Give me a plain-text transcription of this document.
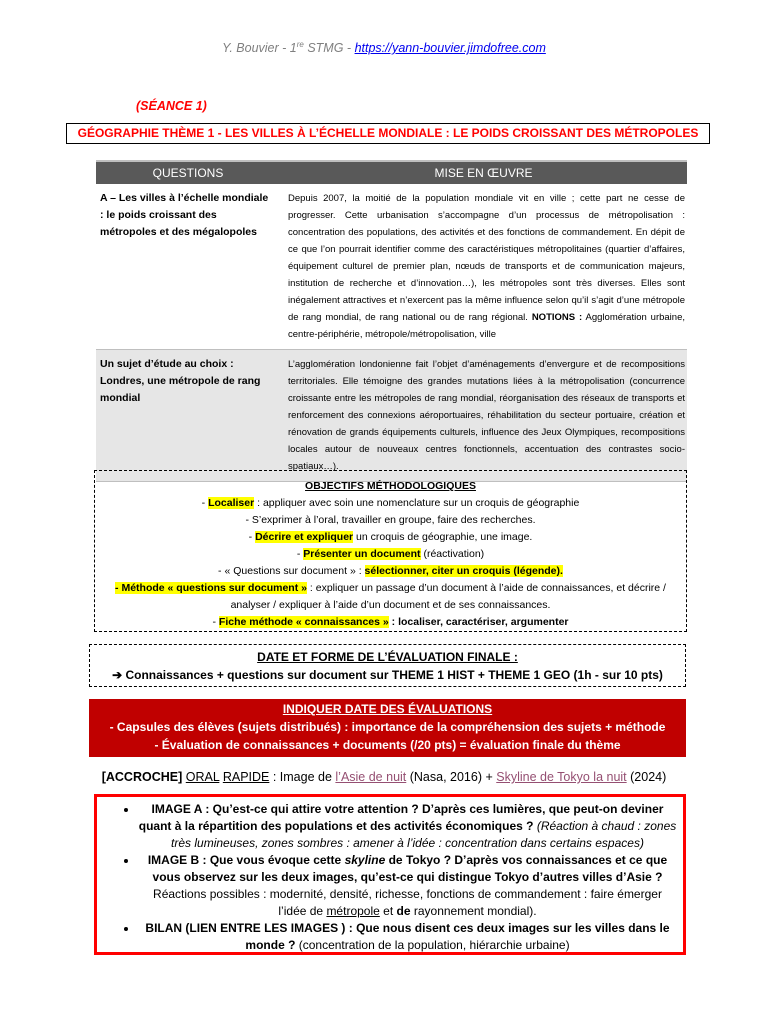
Y. Bouvier - 1re STMG - https://yann-bouvier.jimdofree.com
(SÉANCE 1)
GÉOGRAPHIE THÈME 1 - LES VILLES À L’ÉCHELLE MONDIALE : LE POIDS CROISSANT DES MÉTROPOLES
QUESTIONS	MISE EN ŒUVRE
A – Les villes à l’échelle mondiale : le poids croissant des métropoles et des mégalopoles	Depuis 2007, la moitié de la population mondiale vit en ville ; cette part ne cesse de progresser. Cette urbanisation s’accompagne d’un processus de métropolisation : concentration des populations, des activités et des fonctions de commandement. En dépit de ce que l’on pourrait identifier comme des caractéristiques métropolitaines (quartier d’affaires, équipement culturel de premier plan, nœuds de transports et de communication majeurs, institution de recherche et d’innovation…), les métropoles sont très diverses. Elles sont inégalement attractives et n’exercent pas la même influence selon qu’il s’agit d’une métropole de rang mondial, de rang national ou de rang régional. NOTIONS : Agglomération urbaine, centre-périphérie, métropole/métropolisation, ville
Un sujet d’étude au choix : Londres, une métropole de rang mondial	L’agglomération londonienne fait l’objet d’aménagements d’envergure et de recompositions territoriales. Elle témoigne des grandes mutations liées à la métropolisation (concurrence croissante entre les métropoles de rang mondial, réorganisation des réseaux de transports et renforcement des connexions aéroportuaires, réhabilitation du secteur portuaire, création et rénovation de grands équipements culturels, influence des Jeux Olympiques, recompositions locales autour de nouveaux centres fonctionnels, accentuation des contrastes socio-spatiaux…).
OBJECTIFS MÉTHODOLOGIQUES
- Localiser : appliquer avec soin une nomenclature sur un croquis de géographie
- S’exprimer à l’oral, travailler en groupe, faire des recherches.
- Décrire et expliquer un croquis de géographie, une image.
- Présenter un document (réactivation)
- « Questions sur document » : sélectionner, citer un croquis (légende).
- Méthode « questions sur document » : expliquer un passage d’un document à l’aide de connaissances, et décrire / analyser / expliquer à l’aide d’un document et de ses connaissances.
- Fiche méthode « connaissances » : localiser, caractériser, argumenter
DATE ET FORME DE L’ÉVALUATION FINALE :
➔ Connaissances + questions sur document sur THEME 1 HIST + THEME 1 GEO (1h - sur 10 pts)
INDIQUER DATE DES ÉVALUATIONS
- Capsules des élèves (sujets distribués) : importance de la compréhension des sujets + méthode
- Évaluation de connaissances + documents (/20 pts) = évaluation finale du thème
[ACCROCHE] ORAL RAPIDE : Image de l’Asie de nuit (Nasa, 2016) + Skyline de Tokyo la nuit (2024)
• IMAGE A : Qu’est-ce qui attire votre attention ? D’après ces lumières, que peut-on deviner quant à la répartition des populations et des activités économiques ? (Réaction à chaud : zones très lumineuses, zones sombres : amener à l’idée : concentration dans certains espaces)
• IMAGE B : Que vous évoque cette skyline de Tokyo ? D’après vos connaissances et ce que vous observez sur les deux images, qu’est-ce qui distingue Tokyo d’autres villes d’Asie ? Réactions possibles : modernité, densité, richesse, fonctions de commandement : faire émerger l’idée de métropole et de rayonnement mondial).
• BILAN (LIEN ENTRE LES IMAGES ) : Que nous disent ces deux images sur les villes dans le monde ? (concentration de la population, hiérarchie urbaine)
